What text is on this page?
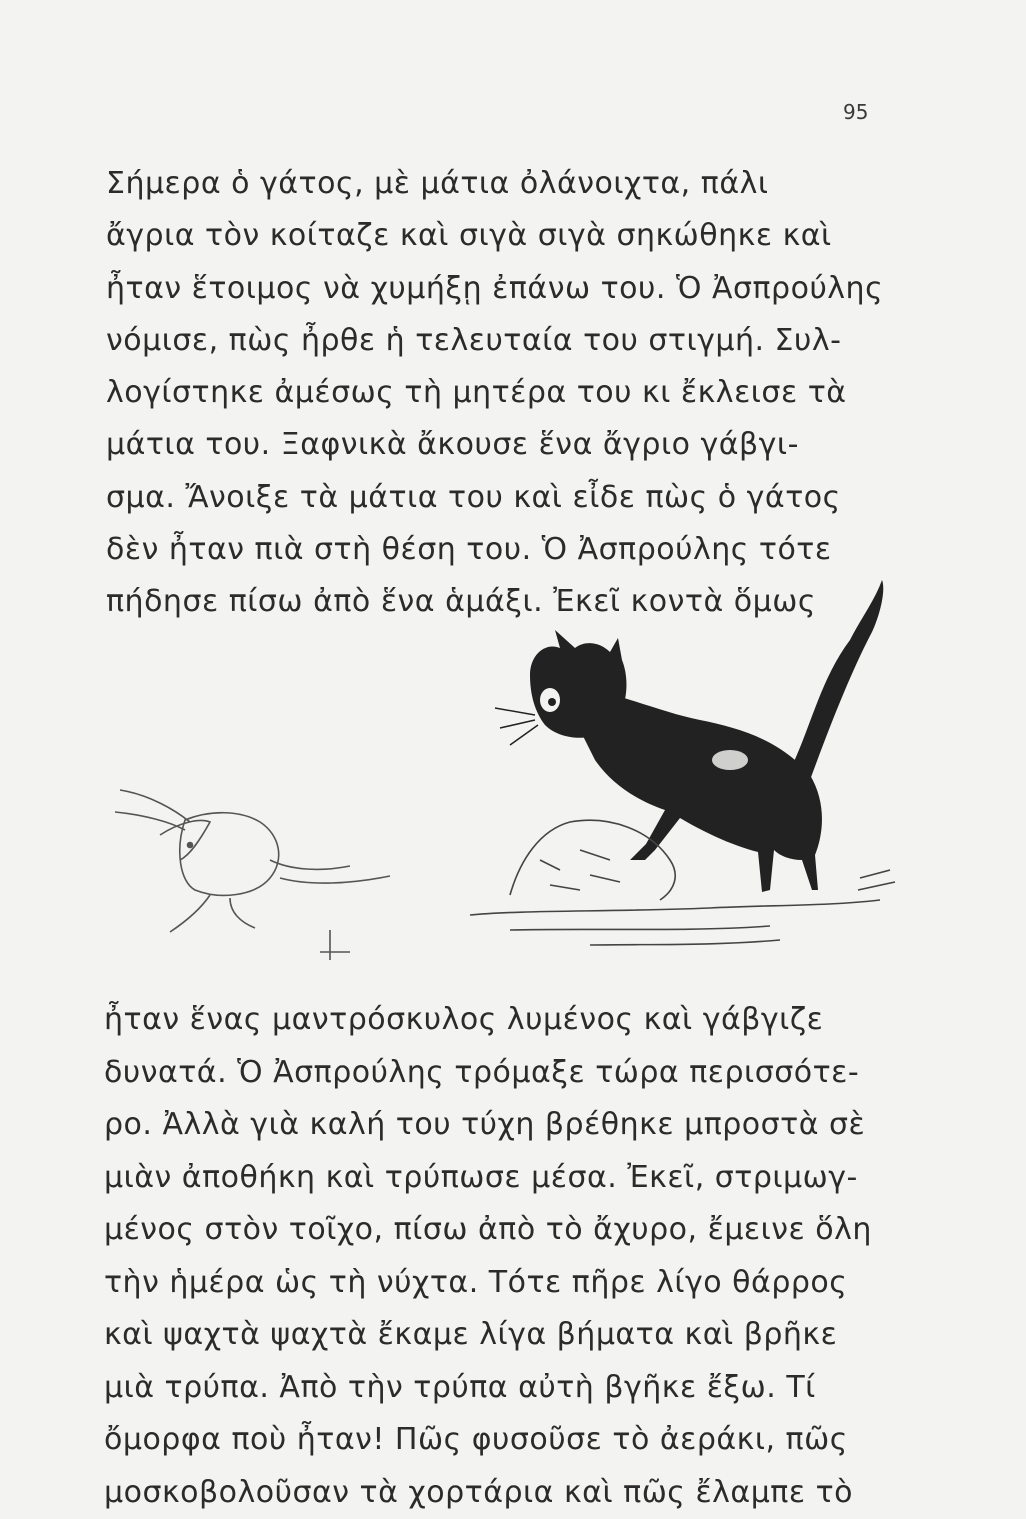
95
Σήμερα ὁ γάτος, μὲ μάτια ὀλάνοιχτα, πάλι
ἄγρια τὸν κοίταζε καὶ σιγὰ σιγὰ σηκώθηκε καὶ
ἦταν ἕτοιμος νὰ χυμήξῃ ἐπάνω του. Ὁ Ἀσπρούλης
νόμισε, πὼς ἦρθε ἡ τελευταία του στιγμή. Συλ-
λογίστηκε ἀμέσως τὴ μητέρα του κι ἔκλεισε τὰ
μάτια του. Ξαφνικὰ ἄκουσε ἕνα ἄγριο γάβγι-
σμα. Ἄνοιξε τὰ μάτια του καὶ εἶδε πὼς ὁ γάτος
δὲν ἦταν πιὰ στὴ θέση του. Ὁ Ἀσπρούλης τότε
πήδησε πίσω ἀπὸ ἕνα ἁμάξι. Ἐκεῖ κοντὰ ὅμως
ἦταν ἕνας μαντρόσκυλος λυμένος καὶ γάβγιζε
δυνατά. Ὁ Ἀσπρούλης τρόμαξε τώρα περισσότε-
ρο. Ἀλλὰ γιὰ καλή του τύχη βρέθηκε μπροστὰ σὲ
μιὰν ἀποθήκη καὶ τρύπωσε μέσα. Ἐκεῖ, στριμωγ-
μένος στὸν τοῖχο, πίσω ἀπὸ τὸ ἄχυρο, ἔμεινε ὅλη
τὴν ἡμέρα ὡς τὴ νύχτα. Τότε πῆρε λίγο θάρρος
καὶ ψαχτὰ ψαχτὰ ἔκαμε λίγα βήματα καὶ βρῆκε
μιὰ τρύπα. Ἀπὸ τὴν τρύπα αὐτὴ βγῆκε ἔξω. Τί
ὄμορφα ποὺ ἦταν! Πῶς φυσοῦσε τὸ ἀεράκι, πῶς
μοσκοβολοῦσαν τὰ χορτάρια καὶ πῶς ἔλαμπε τὸ
